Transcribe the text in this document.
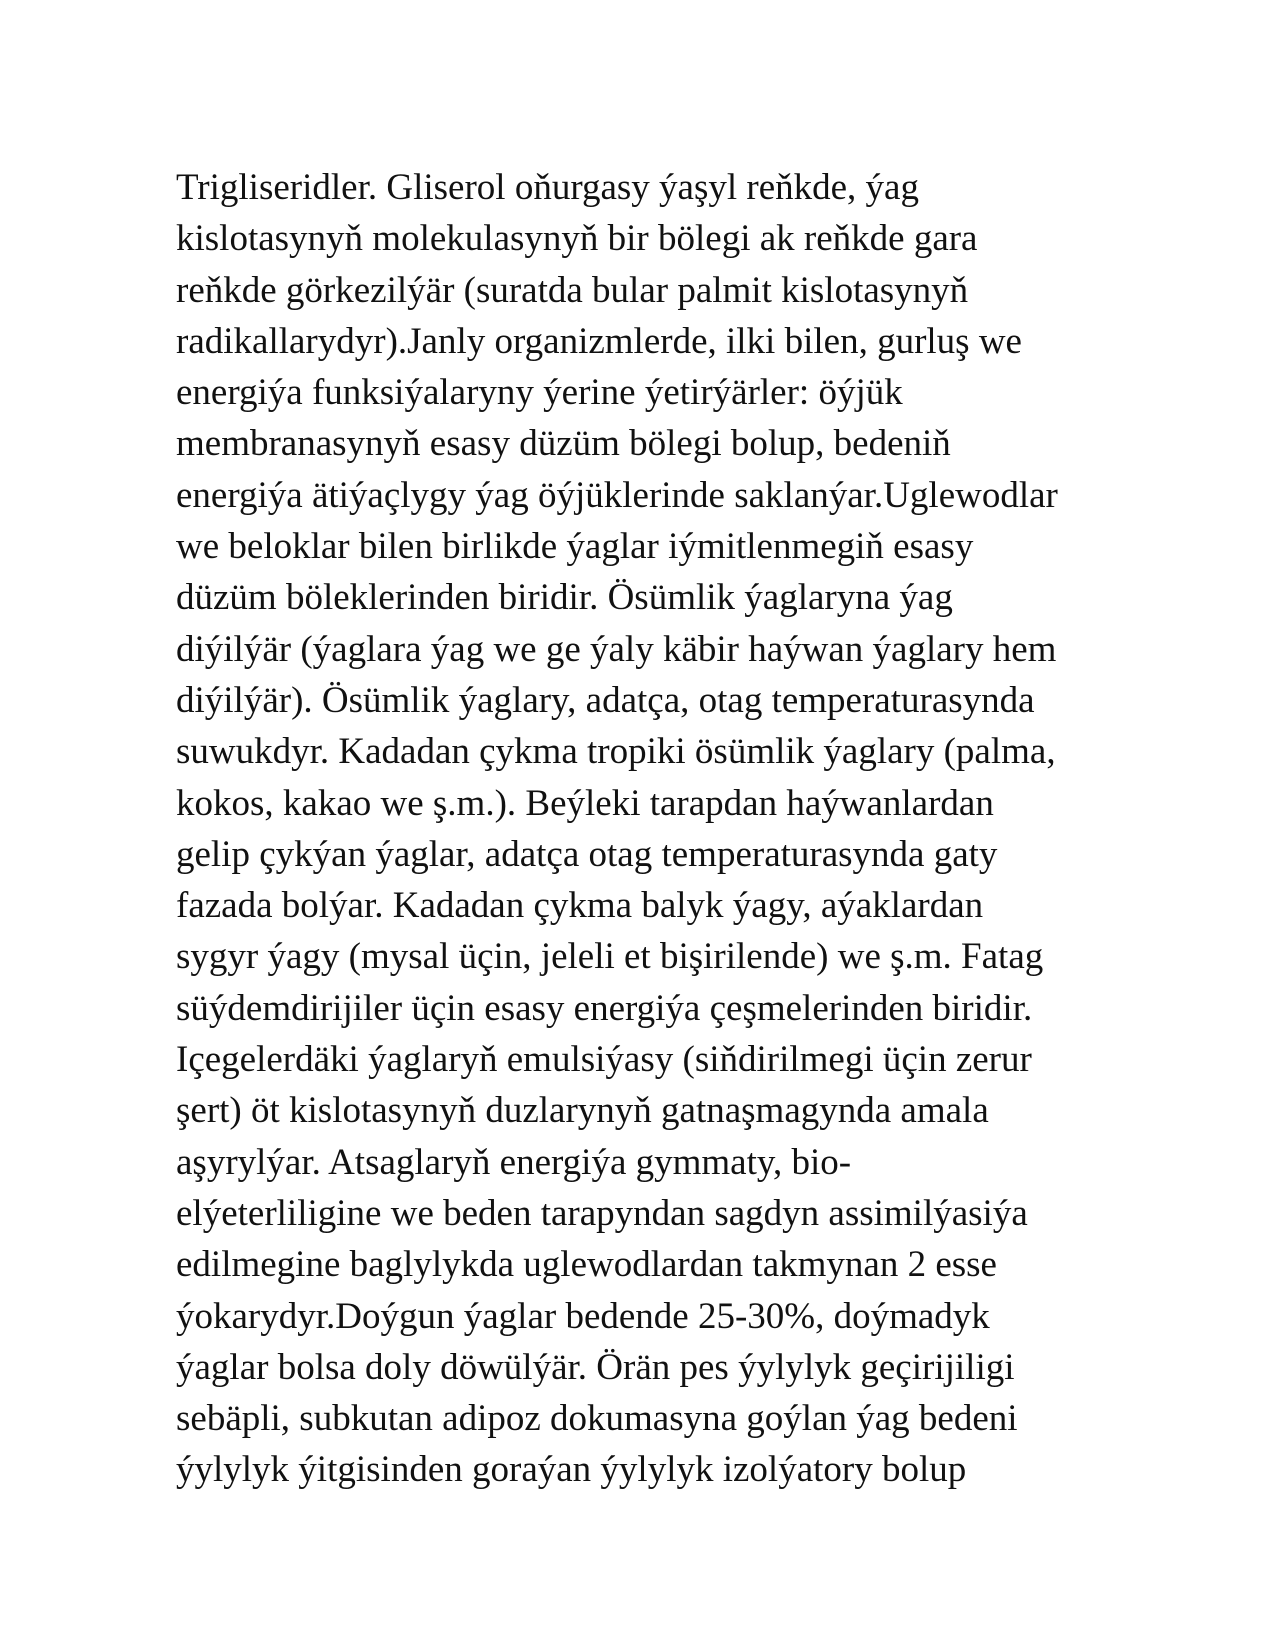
Trigliseridler. Gliserol oňurgasy ýaşyl reňkde, ýag
kislotasynyň molekulasynyň bir bölegi ak reňkde gara
reňkde görkezilýär (suratda bular palmit kislotasynyň
radikallarydyr).Janly organizmlerde, ilki bilen, gurluş we
energiýa funksiýalaryny ýerine ýetirýärler: öýjük
membranasynyň esasy düzüm bölegi bolup, bedeniň
energiýa ätiýaçlygy ýag öýjüklerinde saklanýar.Uglewodlar
we beloklar bilen birlikde ýaglar iýmitlenmegiň esasy
düzüm böleklerinden biridir. Ösümlik ýaglaryna ýag
diýilýär (ýaglara ýag we ge ýaly käbir haýwan ýaglary hem
diýilýär). Ösümlik ýaglary, adatça, otag temperaturasynda
suwukdyr. Kadadan çykma tropiki ösümlik ýaglary (palma,
kokos, kakao we ş.m.). Beýleki tarapdan haýwanlardan
gelip çykýan ýaglar, adatça otag temperaturasynda gaty
fazada bolýar. Kadadan çykma balyk ýagy, aýaklardan
sygyr ýagy (mysal üçin, jeleli et bişirilende) we ş.m. Fatag
süýdemdirijiler üçin esasy energiýa çeşmelerinden biridir.
Içegelerdäki ýaglaryň emulsiýasy (siňdirilmegi üçin zerur
şert) öt kislotasynyň duzlarynyň gatnaşmagynda amala
aşyrylýar. Atsaglaryň energiýa gymmaty, bio-
elýeterliligine we beden tarapyndan sagdyn assimilýasiýa
edilmegine baglylykda uglewodlardan takmynan 2 esse
ýokarydyr.Doýgun ýaglar bedende 25-30%, doýmadyk
ýaglar bolsa doly döwülýär. Örän pes ýylylyk geçirijiligi
sebäpli, subkutan adipoz dokumasyna goýlan ýag bedeni
ýylylyk ýitgisinden goraýan ýylylyk izolýatory bolup
